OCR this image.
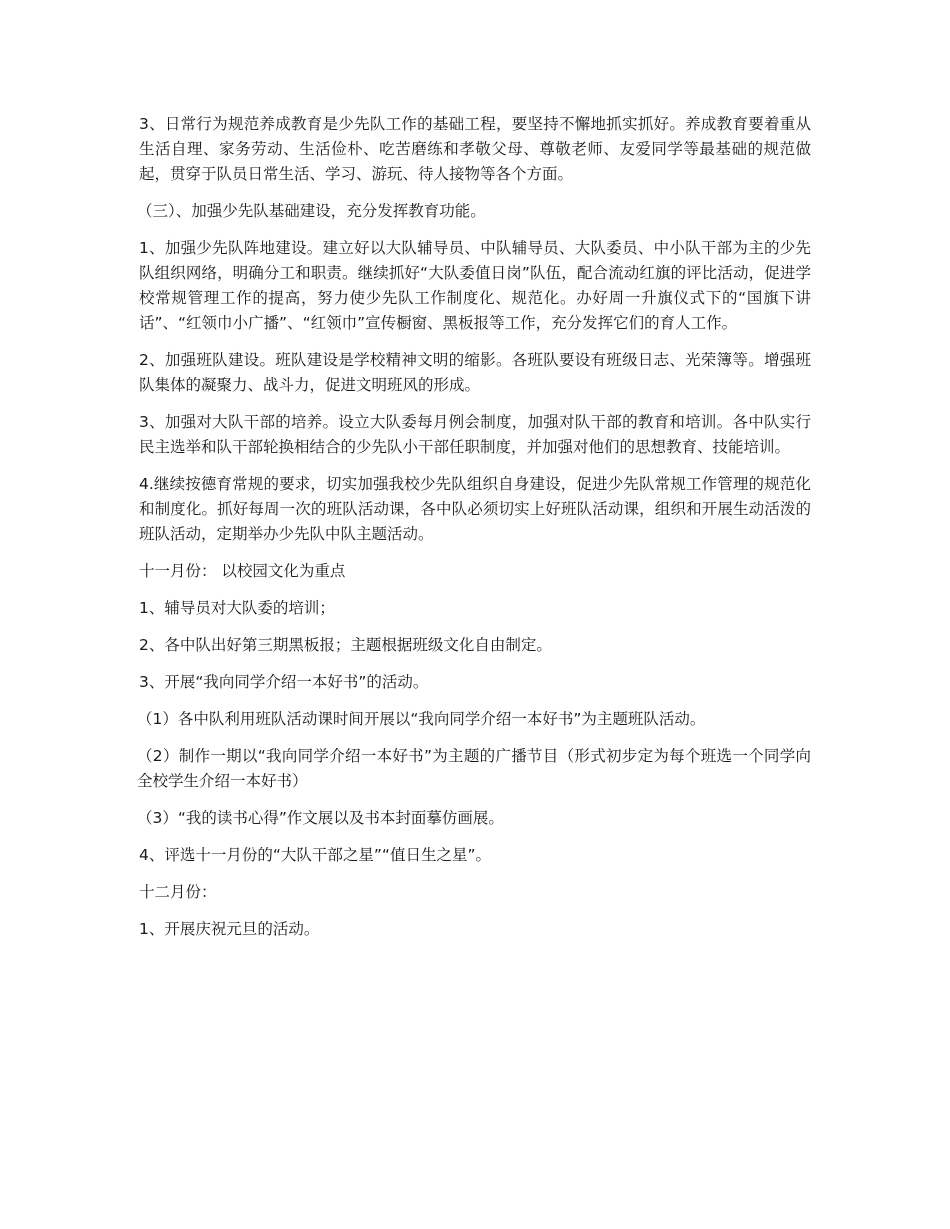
3、日常行为规范养成教育是少先队工作的基础工程，要坚持不懈地抓实抓好。养成教育要着重从生活自理、家务劳动、生活俭朴、吃苦磨练和孝敬父母、尊敬老师、友爱同学等最基础的规范做起，贯穿于队员日常生活、学习、游玩、待人接物等各个方面。

（三）、加强少先队基础建设，充分发挥教育功能。

1、加强少先队阵地建设。建立好以大队辅导员、中队辅导员、大队委员、中小队干部为主的少先队组织网络，明确分工和职责。继续抓好“大队委值日岗”队伍，配合流动红旗的评比活动，促进学校常规管理工作的提高，努力使少先队工作制度化、规范化。办好周一升旗仪式下的“国旗下讲话”、“红领巾小广播”、“红领巾”宣传橱窗、黑板报等工作，充分发挥它们的育人工作。

2、加强班队建设。班队建设是学校精神文明的缩影。各班队要设有班级日志、光荣簿等。增强班队集体的凝聚力、战斗力，促进文明班风的形成。

3、加强对大队干部的培养。设立大队委每月例会制度，加强对队干部的教育和培训。各中队实行民主选举和队干部轮换相结合的少先队小干部任职制度，并加强对他们的思想教育、技能培训。

4.继续按德育常规的要求，切实加强我校少先队组织自身建设，促进少先队常规工作管理的规范化和制度化。抓好每周一次的班队活动课，各中队必须切实上好班队活动课，组织和开展生动活泼的班队活动，定期举办少先队中队主题活动。

十一月份： 以校园文化为重点

1、辅导员对大队委的培训；

2、各中队出好第三期黑板报；主题根据班级文化自由制定。

3、开展“我向同学介绍一本好书”的活动。

（1）各中队利用班队活动课时间开展以“我向同学介绍一本好书”为主题班队活动。

（2）制作一期以“我向同学介绍一本好书”为主题的广播节目（形式初步定为每个班选一个同学向全校学生介绍一本好书）

（3）“我的读书心得”作文展以及书本封面摹仿画展。

4、评选十一月份的“大队干部之星”“值日生之星”。

十二月份：

1、开展庆祝元旦的活动。
